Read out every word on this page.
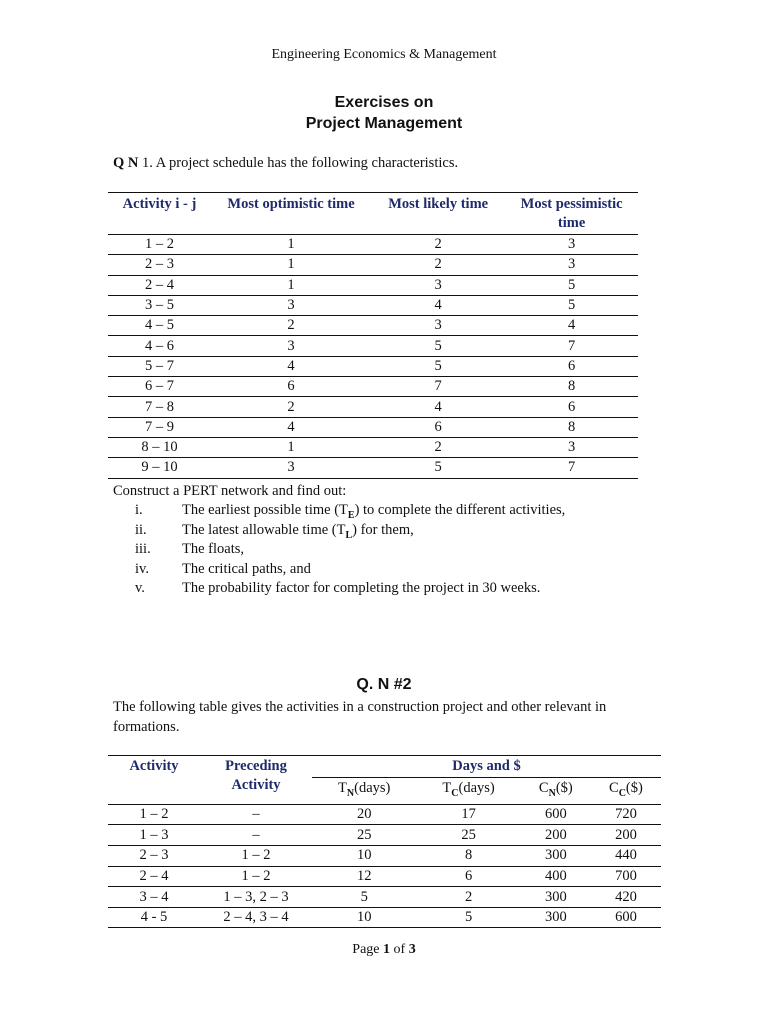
Engineering Economics & Management
Exercises on
Project Management
Q N 1. A project schedule has the following characteristics.
Activity i - j	Most optimistic time	Most likely time	Most pessimistic time
1 – 2	1	2	3
2 – 3	1	2	3
2 – 4	1	3	5
3 – 5	3	4	5
4 – 5	2	3	4
4 – 6	3	5	7
5 – 7	4	5	6
6 – 7	6	7	8
7 – 8	2	4	6
7 – 9	4	6	8
8 – 10	1	2	3
9 – 10	3	5	7
Construct a PERT network and find out:
i.	The earliest possible time $(T_E)$ to complete the different activities,
ii. The latest allowable time $(T_L)$ for them,
iii. The floats,
iv. The critical paths, and
v.	The probability factor for completing the project in 30 weeks.
Q. N #2
The following table gives the activities in a construction project and other relevant in formations.
Activity	Preceding Activity	Days and $			
		$T_N(days)$	$T_C(days)$	$C_N(\$)$	$C_C(\$)$
1 – 2	–	20	17	600	720
1 – 3	–	25	25	200	200
2 – 3	1 – 2	10	8	300	440
2 – 4	1 – 2	12	6	400	700
3 – 4	1 – 3, 2 – 3	5	2	300	420
4 - 5	2 – 4, 3 – 4	10	5	300	600
Page 1 of 3
